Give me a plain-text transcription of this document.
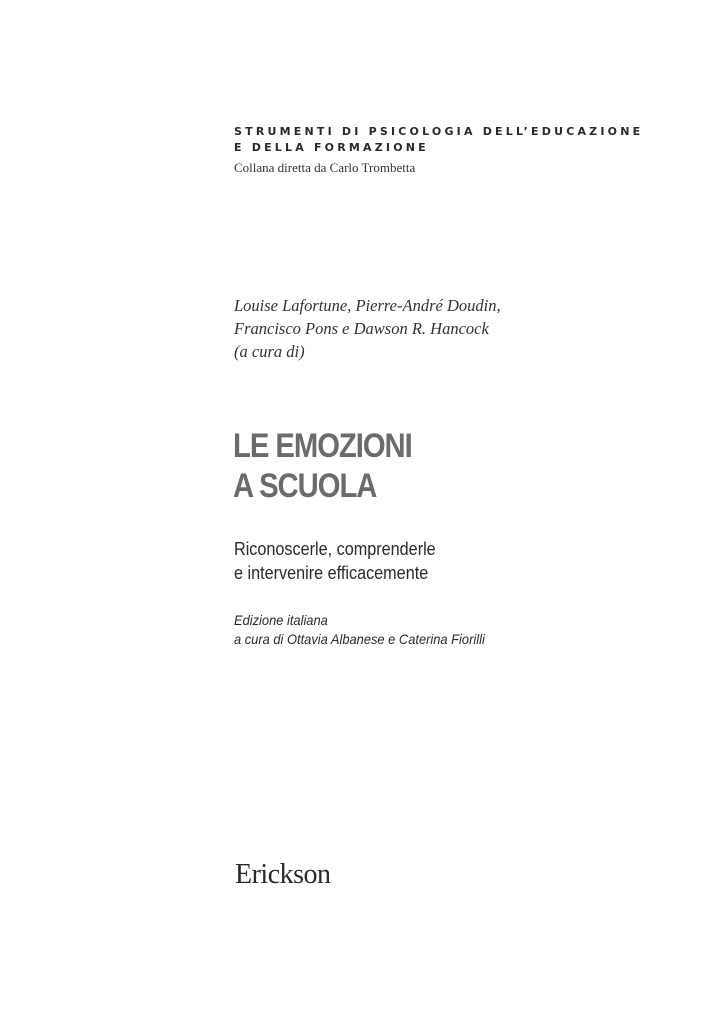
STRUMENTI DI PSICOLOGIA DELL’EDUCAZIONE
E DELLA FORMAZIONE
Collana diretta da Carlo Trombetta
Louise Lafortune, Pierre-André Doudin,
Francisco Pons e Dawson R. Hancock
(a cura di)
LE EMOZIONI
A SCUOLA
Riconoscerle, comprenderle
e intervenire efficacemente
Edizione italiana
a cura di Ottavia Albanese e Caterina Fiorilli
Erickson
